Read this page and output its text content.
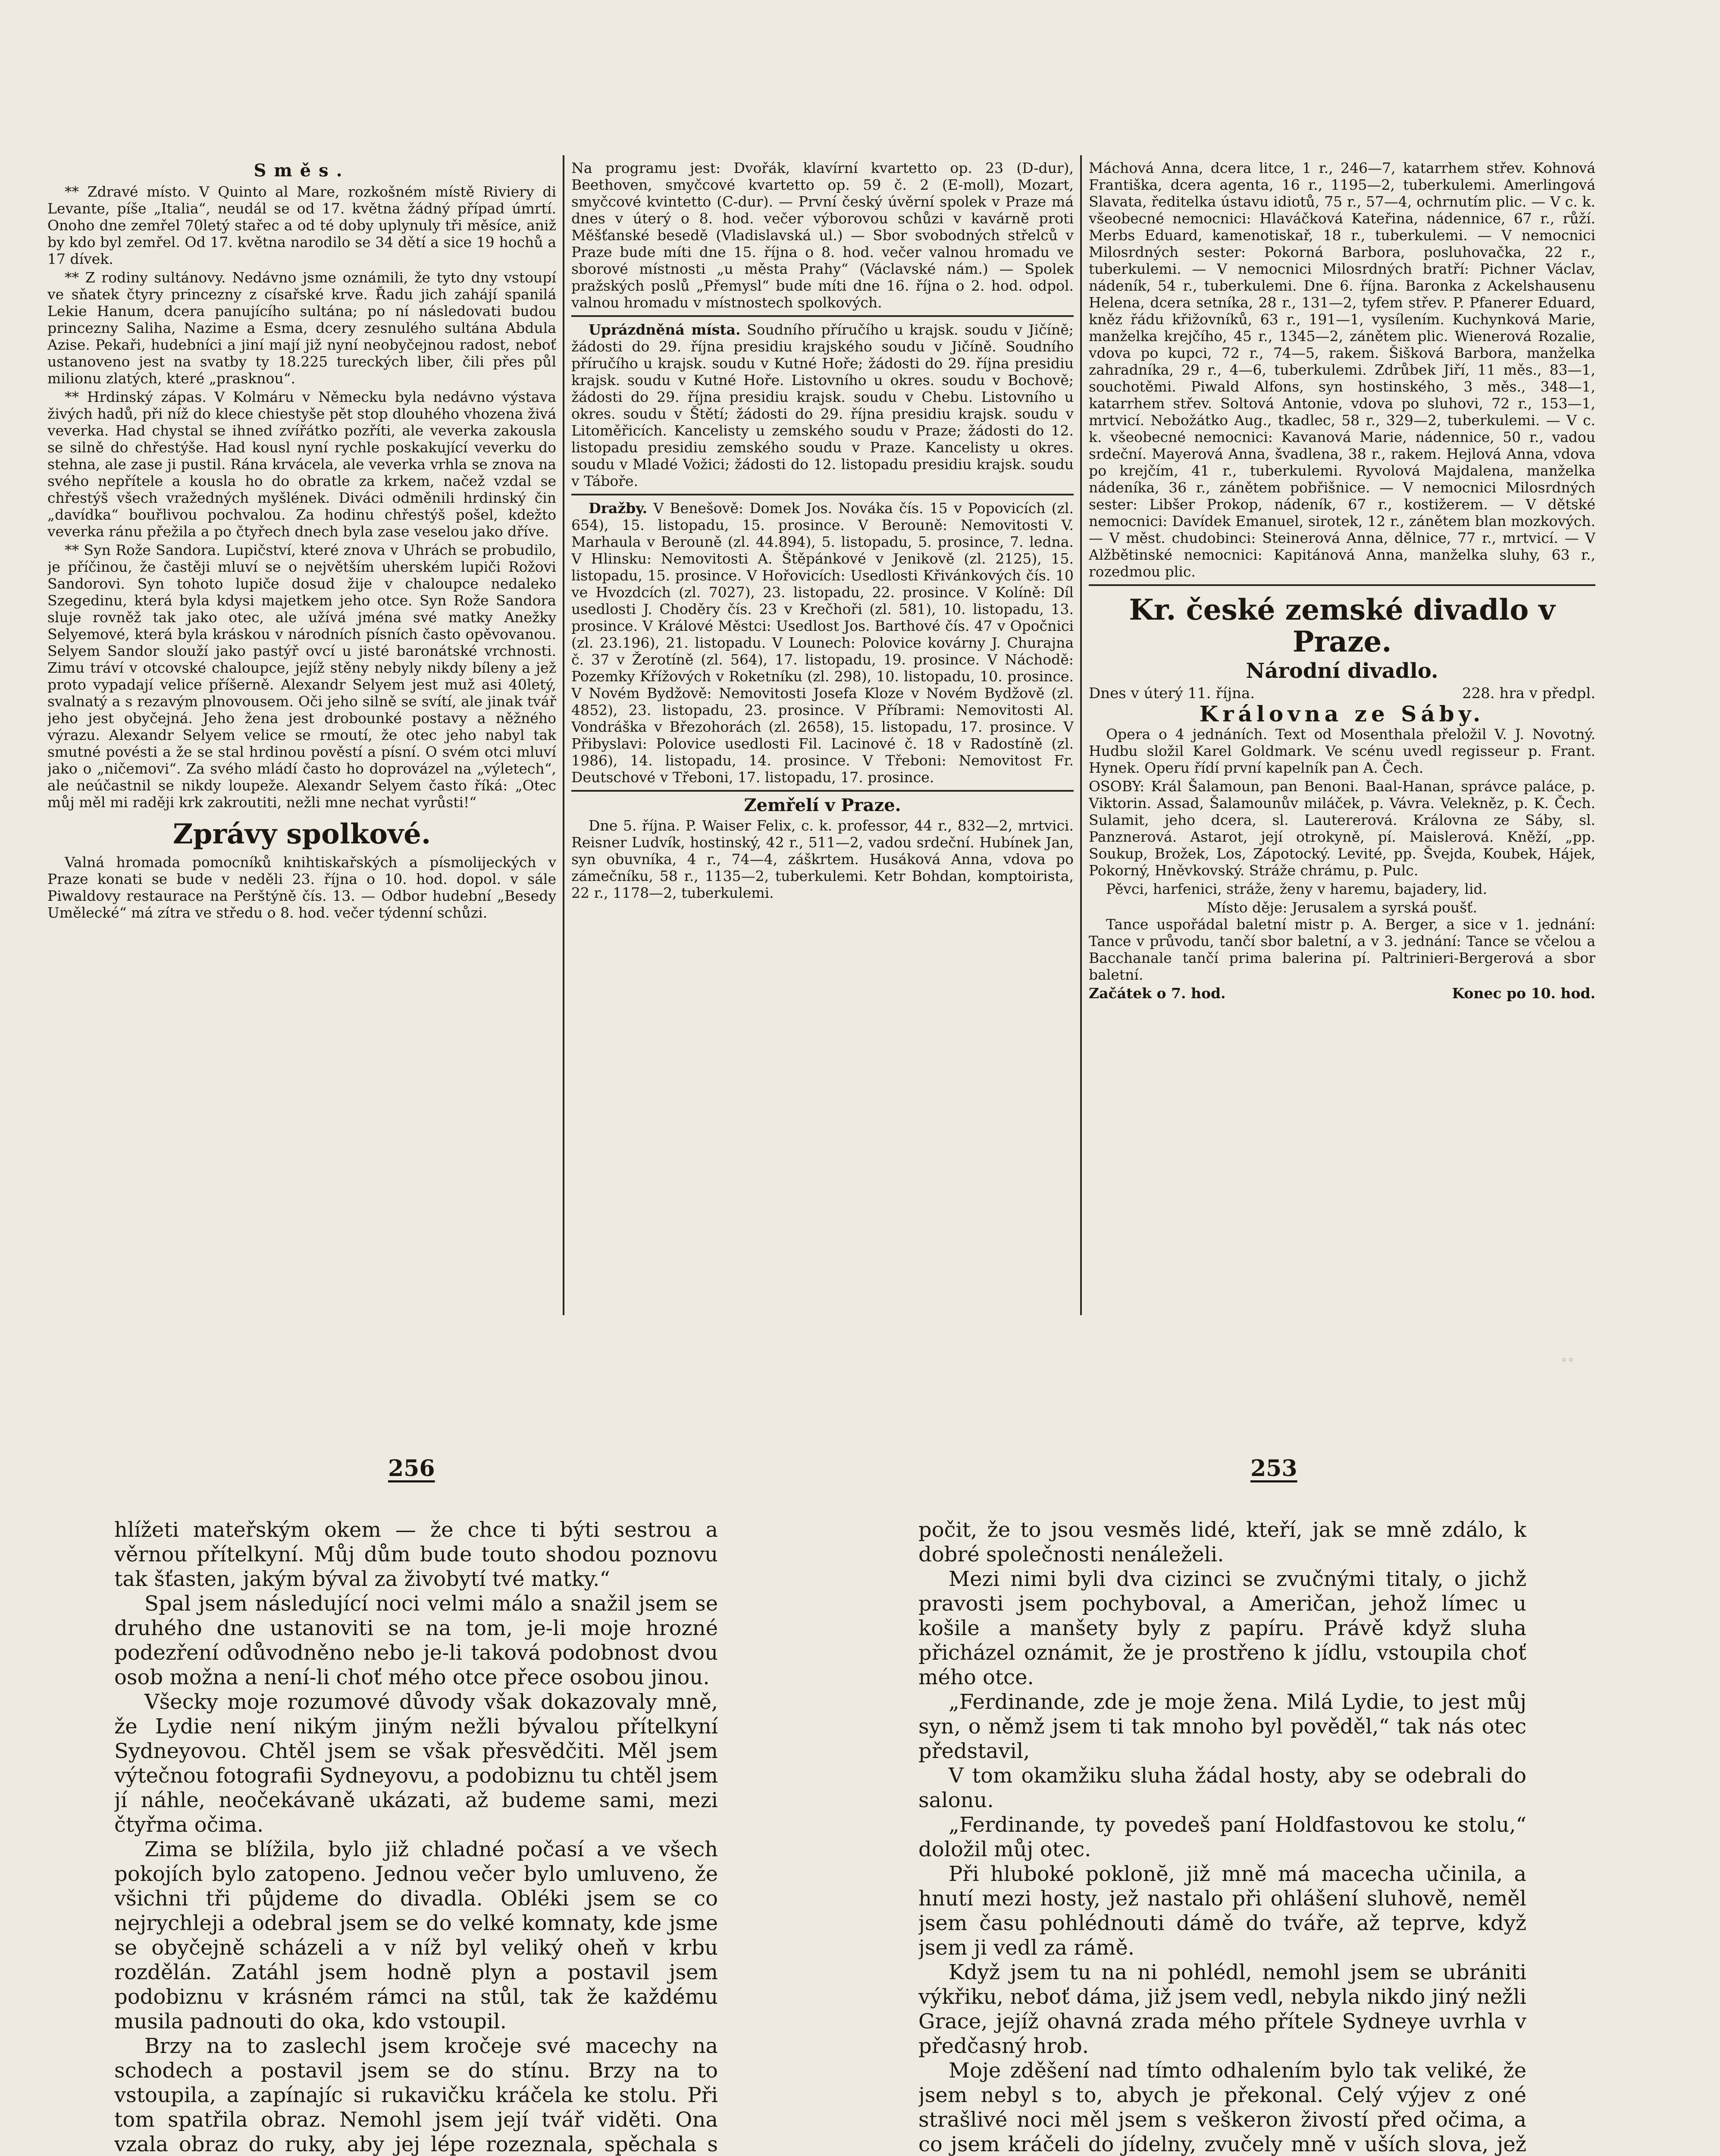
Směs.

** Zdravé místo. V Quinto al Mare, rozkošném místě Riviery di Levante, píše „Italia“, neudál se od 17. května žádný případ úmrtí. Onoho dne zemřel 70letý stařec a od té doby uplynuly tři měsíce, aniž by kdo byl zemřel. Od 17. května narodilo se 34 dětí a sice 19 hochů a 17 dívek.

** Z rodiny sultánovy. Nedávno jsme oznámili, že tyto dny vstoupí ve sňatek čtyry princezny z císařské krve. Řadu jich zahájí spanilá Lekie Hanum, dcera panujícího sultána; po ní následovati budou princezny Saliha, Nazime a Esma, dcery zesnulého sultána Abdula Azise. Pekaři, hudebníci a jiní mají již nyní neobyčejnou radost, neboť ustanoveno jest na svatby ty 18.225 tureckých liber, čili přes půl milionu zlatých, které „prasknou“.

** Hrdinský zápas. V Kolmáru v Německu byla nedávno výstava živých hadů, při níž do klece chiestyše pět stop dlouhého vhozena živá veverka. Had chystal se ihned zvířátko pozříti, ale veverka zakousla se silně do chřestýše. Had kousl nyní rychle poskakující veverku do stehna, ale zase ji pustil. Rána krvácela, ale veverka vrhla se znova na svého nepřítele a kousla ho do obratle za krkem, načež vzdal se chřestýš všech vražedných myšlének. Diváci odměnili hrdinský čin „davídka“ bouřlivou pochvalou. Za hodinu chřestýš pošel, kdežto veverka ránu přežila a po čtyřech dnech byla zase veselou jako dříve.

** Syn Rože Sandora. Lupičství, které znova v Uhrách se probudilo, je příčinou, že častěji mluví se o největším uherském lupiči Rožovi Sandorovi. Syn tohoto lupiče dosud žije v chaloupce nedaleko Szegedinu, která byla kdysi majetkem jeho otce. Syn Rože Sandora sluje rovněž tak jako otec, ale užívá jména své matky Anežky Selyemové, která byla kráskou v národních písních často opěvovanou. Selyem Sandor slouží jako pastýř ovcí u jisté baronátské vrchnosti. Zimu tráví v otcovské chaloupce, jejíž stěny nebyly nikdy bíleny a jež proto vypadají velice příšerně. Alexandr Selyem jest muž asi 40letý, svalnatý a s rezavým plnovousem. Oči jeho silně se svítí, ale jinak tvář jeho jest obyčejná. Jeho žena jest drobounké postavy a něžného výrazu. Alexandr Selyem velice se rmoutí, že otec jeho nabyl tak smutné povésti a že se stal hrdinou pověstí a písní. O svém otci mluví jako o „ničemovi“. Za svého mládí často ho doprovázel na „výletech“, ale neúčastnil se nikdy loupeže. Alexandr Selyem často říká: „Otec můj měl mi raději krk zakroutiti, nežli mne nechat vyrůsti!“

Zprávy spolkové.

Valná hromada pomocníků knihtiskařských a písmolijeckých v Praze konati se bude v neděli 23. října o 10. hod. dopol. v sále Piwaldovy restaurace na Perštýně čís. 13. — Odbor hudební „Besedy Umělecké“ má zítra ve středu o 8. hod. večer týdenní schůzi.

Na programu jest: Dvořák, klavírní kvartetto op. 23 (D-dur), Beethoven, smyčcové kvartetto op. 59 č. 2 (E-moll), Mozart, smyčcové kvintetto (C-dur). — První český úvěrní spolek v Praze má dnes v úterý o 8. hod. večer výborovou schůzi v kavárně proti Měšťanské besedě (Vladislavská ul.) — Sbor svobodných střelců v Praze bude míti dne 15. října o 8. hod. večer valnou hromadu ve sborové místnosti „u města Prahy“ (Václavské nám.) — Spolek pražských poslů „Přemysl“ bude míti dne 16. října o 2. hod. odpol. valnou hromadu v místnostech spolkových.

Uprázdněná místa. Soudního příručího u krajsk. soudu v Jičíně; žádosti do 29. října presidiu krajského soudu v Jičíně. Soudního příručího u krajsk. soudu v Kutné Hoře; žádosti do 29. října presidiu krajsk. soudu v Kutné Hoře. Listovního u okres. soudu v Bochově; žádosti do 29. října presidiu krajsk. soudu v Chebu. Listovního u okres. soudu v Štětí; žádosti do 29. října presidiu krajsk. soudu v Litoměřicích. Kancelisty u zemského soudu v Praze; žádosti do 12. listopadu presidiu zemského soudu v Praze. Kancelisty u okres. soudu v Mladé Vožici; žádosti do 12. listopadu presidiu krajsk. soudu v Táboře.

Dražby. V Benešově: Domek Jos. Nováka čís. 15 v Popovicích (zl. 654), 15. listopadu, 15. prosince. V Berouně: Nemovitosti V. Marhaula v Berouně (zl. 44.894), 5. listopadu, 5. prosince, 7. ledna. V Hlinsku: Nemovitosti A. Štěpánkové v Jenikově (zl. 2125), 15. listopadu, 15. prosince. V Hořovicích: Usedlosti Křivánkových čís. 10 ve Hvozdcích (zl. 7027), 23. listopadu, 22. prosince. V Kolíně: Díl usedlosti J. Choděry čís. 23 v Krečhoři (zl. 581), 10. listopadu, 13. prosince. V Králové Městci: Usedlost Jos. Barthové čís. 47 v Opočnici (zl. 23.196), 21. listopadu. V Lounech: Polovice kovárny J. Churajna č. 37 v Žerotíně (zl. 564), 17. listopadu, 19. prosince. V Náchodě: Pozemky Křížových v Roketníku (zl. 298), 10. listopadu, 10. prosince. V Novém Bydžově: Nemovitosti Josefa Kloze v Novém Bydžově (zl. 4852), 23. listopadu, 23. prosince. V Příbrami: Nemovitosti Al. Vondráška v Březohorách (zl. 2658), 15. listopadu, 17. prosince. V Přibyslavi: Polovice usedlosti Fil. Lacinové č. 18 v Radostíně (zl. 1986), 14. listopadu, 14. prosince. V Třeboni: Nemovitost Fr. Deutschové v Třeboni, 17. listopadu, 17. prosince.

Zemřelí v Praze.

Dne 5. října. P. Waiser Felix, c. k. professor, 44 r., 832—2, mrtvici. Reisner Ludvík, hostinský, 42 r., 511—2, vadou srdeční. Hubínek Jan, syn obuvníka, 4 r., 74—4, záškrtem. Husáková Anna, vdova po zámečníku, 58 r., 1135—2, tuberkulemi. Ketr Bohdan, komptoirista, 22 r., 1178—2, tuberkulemi.

Máchová Anna, dcera litce, 1 r., 246—7, katarrhem střev. Kohnová Františka, dcera agenta, 16 r., 1195—2, tuberkulemi. Amerlingová Slavata, ředitelka ústavu idiotů, 75 r., 57—4, ochrnutím plic. — V c. k. všeobecné nemocnici: Hlaváčková Kateřina, nádennice, 67 r., růží. Merbs Eduard, kamenotiskař, 18 r., tuberkulemi. — V nemocnici Milosrdných sester: Pokorná Barbora, posluhovačka, 22 r., tuberkulemi. — V nemocnici Milosrdných bratří: Pichner Václav, nádeník, 54 r., tuberkulemi. Dne 6. října. Baronka z Ackelshausenu Helena, dcera setníka, 28 r., 131—2, tyfem střev. P. Pfanerer Eduard, kněz řádu křižovníků, 63 r., 191—1, vysílením. Kuchynková Marie, manželka krejčího, 45 r., 1345—2, zánětem plic. Wienerová Rozalie, vdova po kupci, 72 r., 74—5, rakem. Šišková Barbora, manželka zahradníka, 29 r., 4—6, tuberkulemi. Zdrůbek Jiří, 11 měs., 83—1, souchotěmi. Piwald Alfons, syn hostinského, 3 měs., 348—1, katarrhem střev. Soltová Antonie, vdova po sluhovi, 72 r., 153—1, mrtvicí. Nebožátko Aug., tkadlec, 58 r., 329—2, tuberkulemi. — V c. k. všeobecné nemocnici: Kavanová Marie, nádennice, 50 r., vadou srdeční. Mayerová Anna, švadlena, 38 r., rakem. Hejlová Anna, vdova po krejčím, 41 r., tuberkulemi. Ryvolová Majdalena, manželka nádeníka, 36 r., zánětem pobřišnice. — V nemocnici Milosrdných sester: Libšer Prokop, nádeník, 67 r., kostižerem. — V dětské nemocnici: Davídek Emanuel, sirotek, 12 r., zánětem blan mozkových. — V měst. chudobinci: Steinerová Anna, dělnice, 77 r., mrtvicí. — V Alžbětinské nemocnici: Kapitánová Anna, manželka sluhy, 63 r., rozedmou plic.

Kr. české zemské divadlo v Praze.
Národní divadlo.
Dnes v úterý 11. října.	228. hra v předpl.
Královna ze Sáby.

Opera o 4 jednáních. Text od Mosenthala přeložil V. J. Novotný. Hudbu složil Karel Goldmark. Ve scénu uvedl regisseur p. Frant. Hynek. Operu řídí první kapelník pan A. Čech.

OSOBY: Král Šalamoun, pan Benoni. Baal-Hanan, správce paláce, p. Viktorin. Assad, Šalamounův miláček, p. Vávra. Velekněz, p. K. Čech. Sulamit, jeho dcera, sl. Lautererová. Královna ze Sáby, sl. Panznerová. Astarot, její otrokyně, pí. Maislerová. Kněží, „pp. Soukup, Brožek, Los, Zápotocký. Levité, pp. Švejda, Koubek, Hájek, Pokorný, Hněvkovský. Stráže chrámu, p. Pulc.

Pěvci, harfenici, stráže, ženy v haremu, bajadery, lid.

Místo děje: Jerusalem a syrská poušť.

Tance uspořádal baletní mistr p. A. Berger, a sice v 1. jednání: Tance v průvodu, tančí sbor baletní, a v 3. jednání: Tance se včelou a Bacchanale tančí prima balerina pí. Paltrinieri-Bergerová a sbor baletní.

Začátek o 7. hod.	Konec po 10. hod.
◦◦
256	253

hlížeti mateřským okem — že chce ti býti sestrou a věrnou přítelkyní. Můj dům bude touto shodou poznovu tak šťasten, jakým býval za živobytí tvé matky.“

Spal jsem následující noci velmi málo a snažil jsem se druhého dne ustanoviti se na tom, je-li moje hrozné podezření odůvodněno nebo je-li taková podobnost dvou osob možna a není-li choť mého otce přece osobou jinou.

Všecky moje rozumové důvody však dokazovaly mně, že Lydie není nikým jiným nežli bývalou přítelkyní Sydneyovou. Chtěl jsem se však přesvědčiti. Měl jsem výtečnou fotografii Sydneyovu, a podobiznu tu chtěl jsem jí náhle, neočekávaně ukázati, až budeme sami, mezi čtyřma očima.

Zima se blížila, bylo již chladné počasí a ve všech pokojích bylo zatopeno. Jednou večer bylo umluveno, že všichni tři půjdeme do divadla. Obléki jsem se co nejrychleji a odebral jsem se do velké komnaty, kde jsme se obyčejně scházeli a v níž byl veliký oheň v krbu rozdělán. Zatáhl jsem hodně plyn a postavil jsem podobiznu v krásném rámci na stůl, tak že každému musila padnouti do oka, kdo vstoupil.

Brzy na to zaslechl jsem kročeje své macechy na schodech a postavil jsem se do stínu. Brzy na to vstoupila, a zapínajíc si rukavičku kráčela ke stolu. Při tom spatřila obraz. Nemohl jsem její tvář viděti. Ona vzala obraz do ruky, aby jej lépe rozeznala, spěchala s

počit, že to jsou vesměs lidé, kteří, jak se mně zdálo, k dobré společnosti nenáleželi.

Mezi nimi byli dva cizinci se zvučnými titaly, o jichž pravosti jsem pochyboval, a Američan, jehož límec u košile a manšety byly z papíru. Právě když sluha přicházel oznámit, že je prostřeno k jídlu, vstoupila choť mého otce.

„Ferdinande, zde je moje žena. Milá Lydie, to jest můj syn, o němž jsem ti tak mnoho byl pověděl,“ tak nás otec představil,

V tom okamžiku sluha žádal hosty, aby se odebrali do salonu.

„Ferdinande, ty povedeš paní Holdfastovou ke stolu,“ doložil můj otec.

Při hluboké poklonĕ, již mně má macecha učinila, a hnutí mezi hosty, jež nastalo při ohlášení sluhově, neměl jsem času pohlédnouti dámě do tváře, až teprve, když jsem ji vedl za rámě.

Když jsem tu na ni pohlédl, nemohl jsem se ubrániti výkřiku, neboť dáma, již jsem vedl, nebyla nikdo jiný nežli Grace, jejíž ohavná zrada mého přítele Sydneye uvrhla v předčasný hrob.

Moje zděšení nad tímto odhalením bylo tak veliké, že jsem nebyl s to, abych je překonal. Celý výjev z oné strašlivé noci měl jsem s veškeron živostí před očima, a co jsem kráčeli do jídelny, zvučely mně v uších slova, jež
